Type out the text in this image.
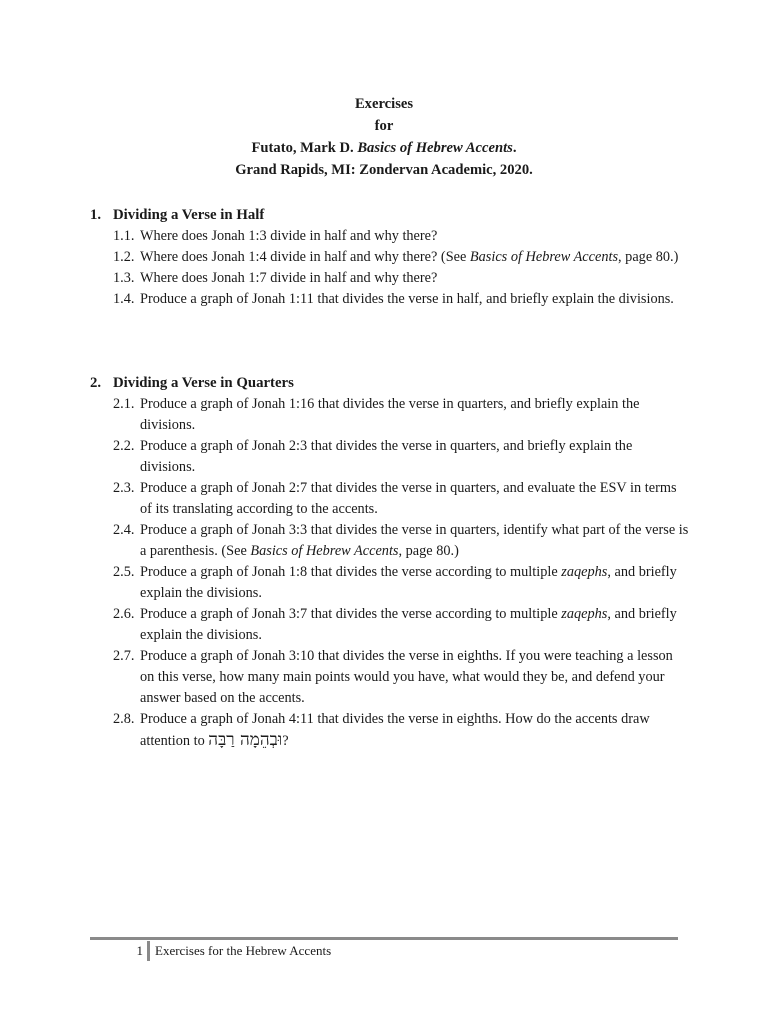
Exercises
for
Futato, Mark D. Basics of Hebrew Accents.
Grand Rapids, MI: Zondervan Academic, 2020.
1. Dividing a Verse in Half
1.1. Where does Jonah 1:3 divide in half and why there?
1.2. Where does Jonah 1:4 divide in half and why there? (See Basics of Hebrew Accents, page 80.)
1.3. Where does Jonah 1:7 divide in half and why there?
1.4. Produce a graph of Jonah 1:11 that divides the verse in half, and briefly explain the divisions.
2. Dividing a Verse in Quarters
2.1. Produce a graph of Jonah 1:16 that divides the verse in quarters, and briefly explain the divisions.
2.2. Produce a graph of Jonah 2:3 that divides the verse in quarters, and briefly explain the divisions.
2.3. Produce a graph of Jonah 2:7 that divides the verse in quarters, and evaluate the ESV in terms of its translating according to the accents.
2.4. Produce a graph of Jonah 3:3 that divides the verse in quarters, identify what part of the verse is a parenthesis. (See Basics of Hebrew Accents, page 80.)
2.5. Produce a graph of Jonah 1:8 that divides the verse according to multiple zaqephs, and briefly explain the divisions.
2.6. Produce a graph of Jonah 3:7 that divides the verse according to multiple zaqephs, and briefly explain the divisions.
2.7. Produce a graph of Jonah 3:10 that divides the verse in eighths. If you were teaching a lesson on this verse, how many main points would you have, what would they be, and defend your answer based on the accents.
2.8. Produce a graph of Jonah 4:11 that divides the verse in eighths. How do the accents draw attention to וּבְהֵמָה רַבָּה?
1 Exercises for the Hebrew Accents
